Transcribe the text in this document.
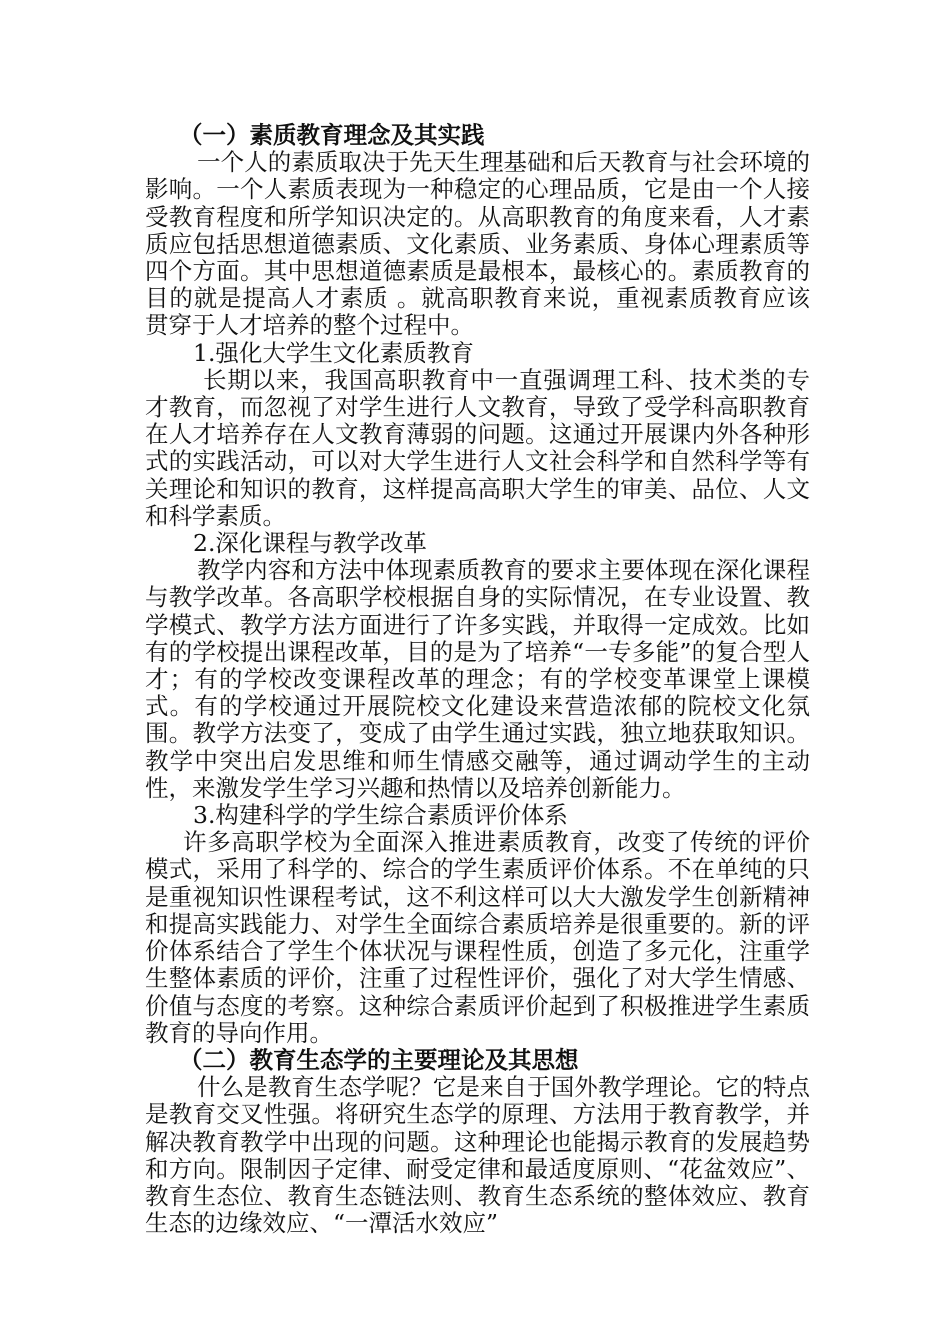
（一）素质教育理念及其实践

一个人的素质取决于先天生理基础和后天教育与社会环境的影响。一个人素质表现为一种稳定的心理品质，它是由一个人接受教育程度和所学知识决定的。从高职教育的角度来看，人才素质应包括思想道德素质、文化素质、业务素质、身体心理素质等四个方面。其中思想道德素质是最根本，最核心的。素质教育的目的就是提高人才素质 。就高职教育来说，重视素质教育应该贯穿于人才培养的整个过程中。

1.强化大学生文化素质教育

长期以来，我国高职教育中一直强调理工科、技术类的专才教育，而忽视了对学生进行人文教育，导致了受学科高职教育在人才培养存在人文教育薄弱的问题。这通过开展课内外各种形式的实践活动，可以对大学生进行人文社会科学和自然科学等有关理论和知识的教育，这样提高高职大学生的审美、品位、人文和科学素质。

2.深化课程与教学改革

教学内容和方法中体现素质教育的要求主要体现在深化课程与教学改革。各高职学校根据自身的实际情况，在专业设置、教学模式、教学方法方面进行了许多实践，并取得一定成效。比如有的学校提出课程改革，目的是为了培养“一专多能”的复合型人才；有的学校改变课程改革的理念；有的学校变革课堂上课模式。有的学校通过开展院校文化建设来营造浓郁的院校文化氛围。教学方法变了，变成了由学生通过实践，独立地获取知识。教学中突出启发思维和师生情感交融等，通过调动学生的主动性，来激发学生学习兴趣和热情以及培养创新能力。

3.构建科学的学生综合素质评价体系

许多高职学校为全面深入推进素质教育，改变了传统的评价模式，采用了科学的、综合的学生素质评价体系。不在单纯的只是重视知识性课程考试，这不利这样可以大大激发学生创新精神和提高实践能力、对学生全面综合素质培养是很重要的。新的评价体系结合了学生个体状况与课程性质，创造了多元化，注重学生整体素质的评价，注重了过程性评价，强化了对大学生情感、价值与态度的考察。这种综合素质评价起到了积极推进学生素质教育的导向作用。

（二）教育生态学的主要理论及其思想

什么是教育生态学呢？它是来自于国外教学理论。它的特点是教育交叉性强。将研究生态学的原理、方法用于教育教学，并解决教育教学中出现的问题。这种理论也能揭示教育的发展趋势和方向。限制因子定律、耐受定律和最适度原则、“花盆效应”、教育生态位、教育生态链法则、教育生态系统的整体效应、教育生态的边缘效应、“一潭活水效应”
